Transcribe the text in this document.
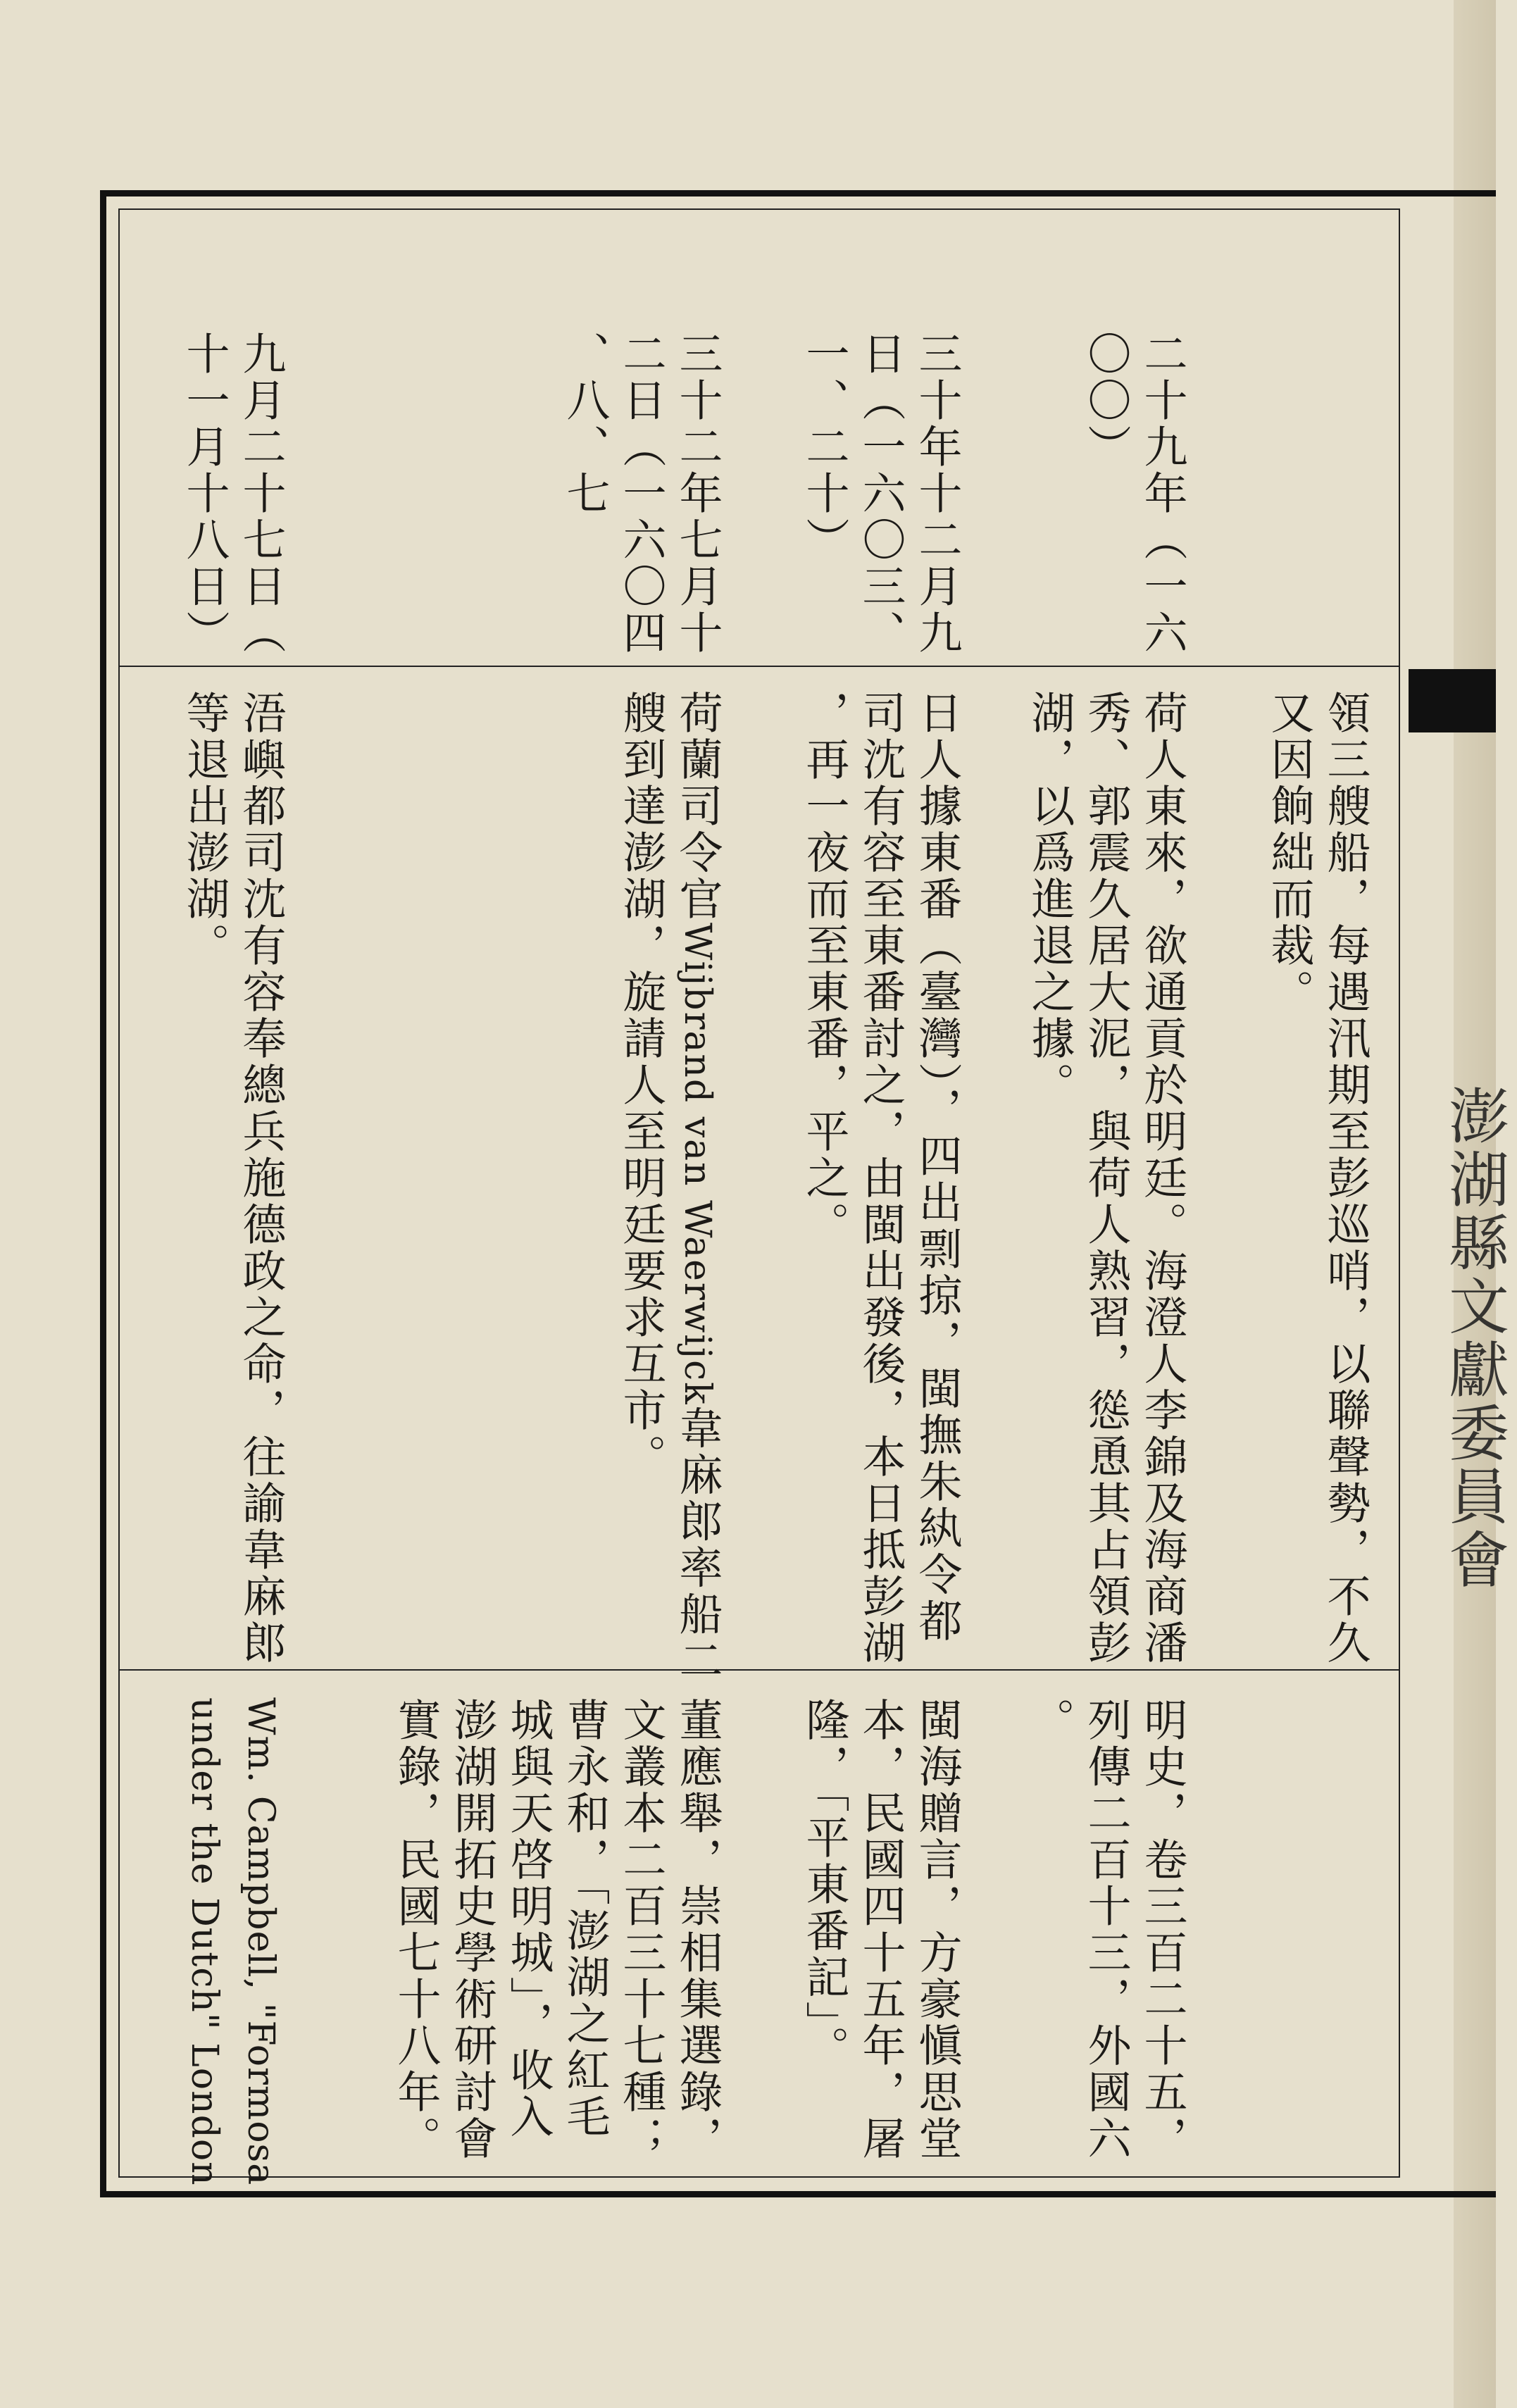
澎湖縣文獻委員會
二十九年（一六
〇〇）
領三艘船，每遇汛期至彭巡哨，以聯聲勢，不久
又因餉絀而裁。
荷人東來，欲通貢於明廷。海澄人李錦及海商潘
秀、郭震久居大泥，與荷人熟習，慫恿其占領彭
湖，以爲進退之據。
明史，卷三百二十五，
列傳二百十三，外國六
。
三十年十二月九
日（一六〇三、
一、二十）
日人據東番（臺灣），四出剽掠，閩撫朱紈令都
司沈有容至東番討之，由閩出發後，本日抵彭湖
，再一夜而至東番，平之。
閩海贈言，方豪愼思堂
本，民國四十五年，屠
隆，「平東番記」。
三十二年七月十
二日（一六〇四
、八、七
荷蘭司令官Wijbrand van Waerwijck韋麻郎率船二
艘到達澎湖，旋請人至明廷要求互市。
董應舉，崇相集選錄，
文叢本二百三十七種；
曹永和，「澎湖之紅毛
城與天啓明城」，收入
澎湖開拓史學術研討會
實錄，民國七十八年。
九月二十七日（
十一月十八日）
浯嶼都司沈有容奉總兵施德政之命，往諭韋麻郎
等退出澎湖。
Wm. Campbell, "Formosa
under the Dutch" London
